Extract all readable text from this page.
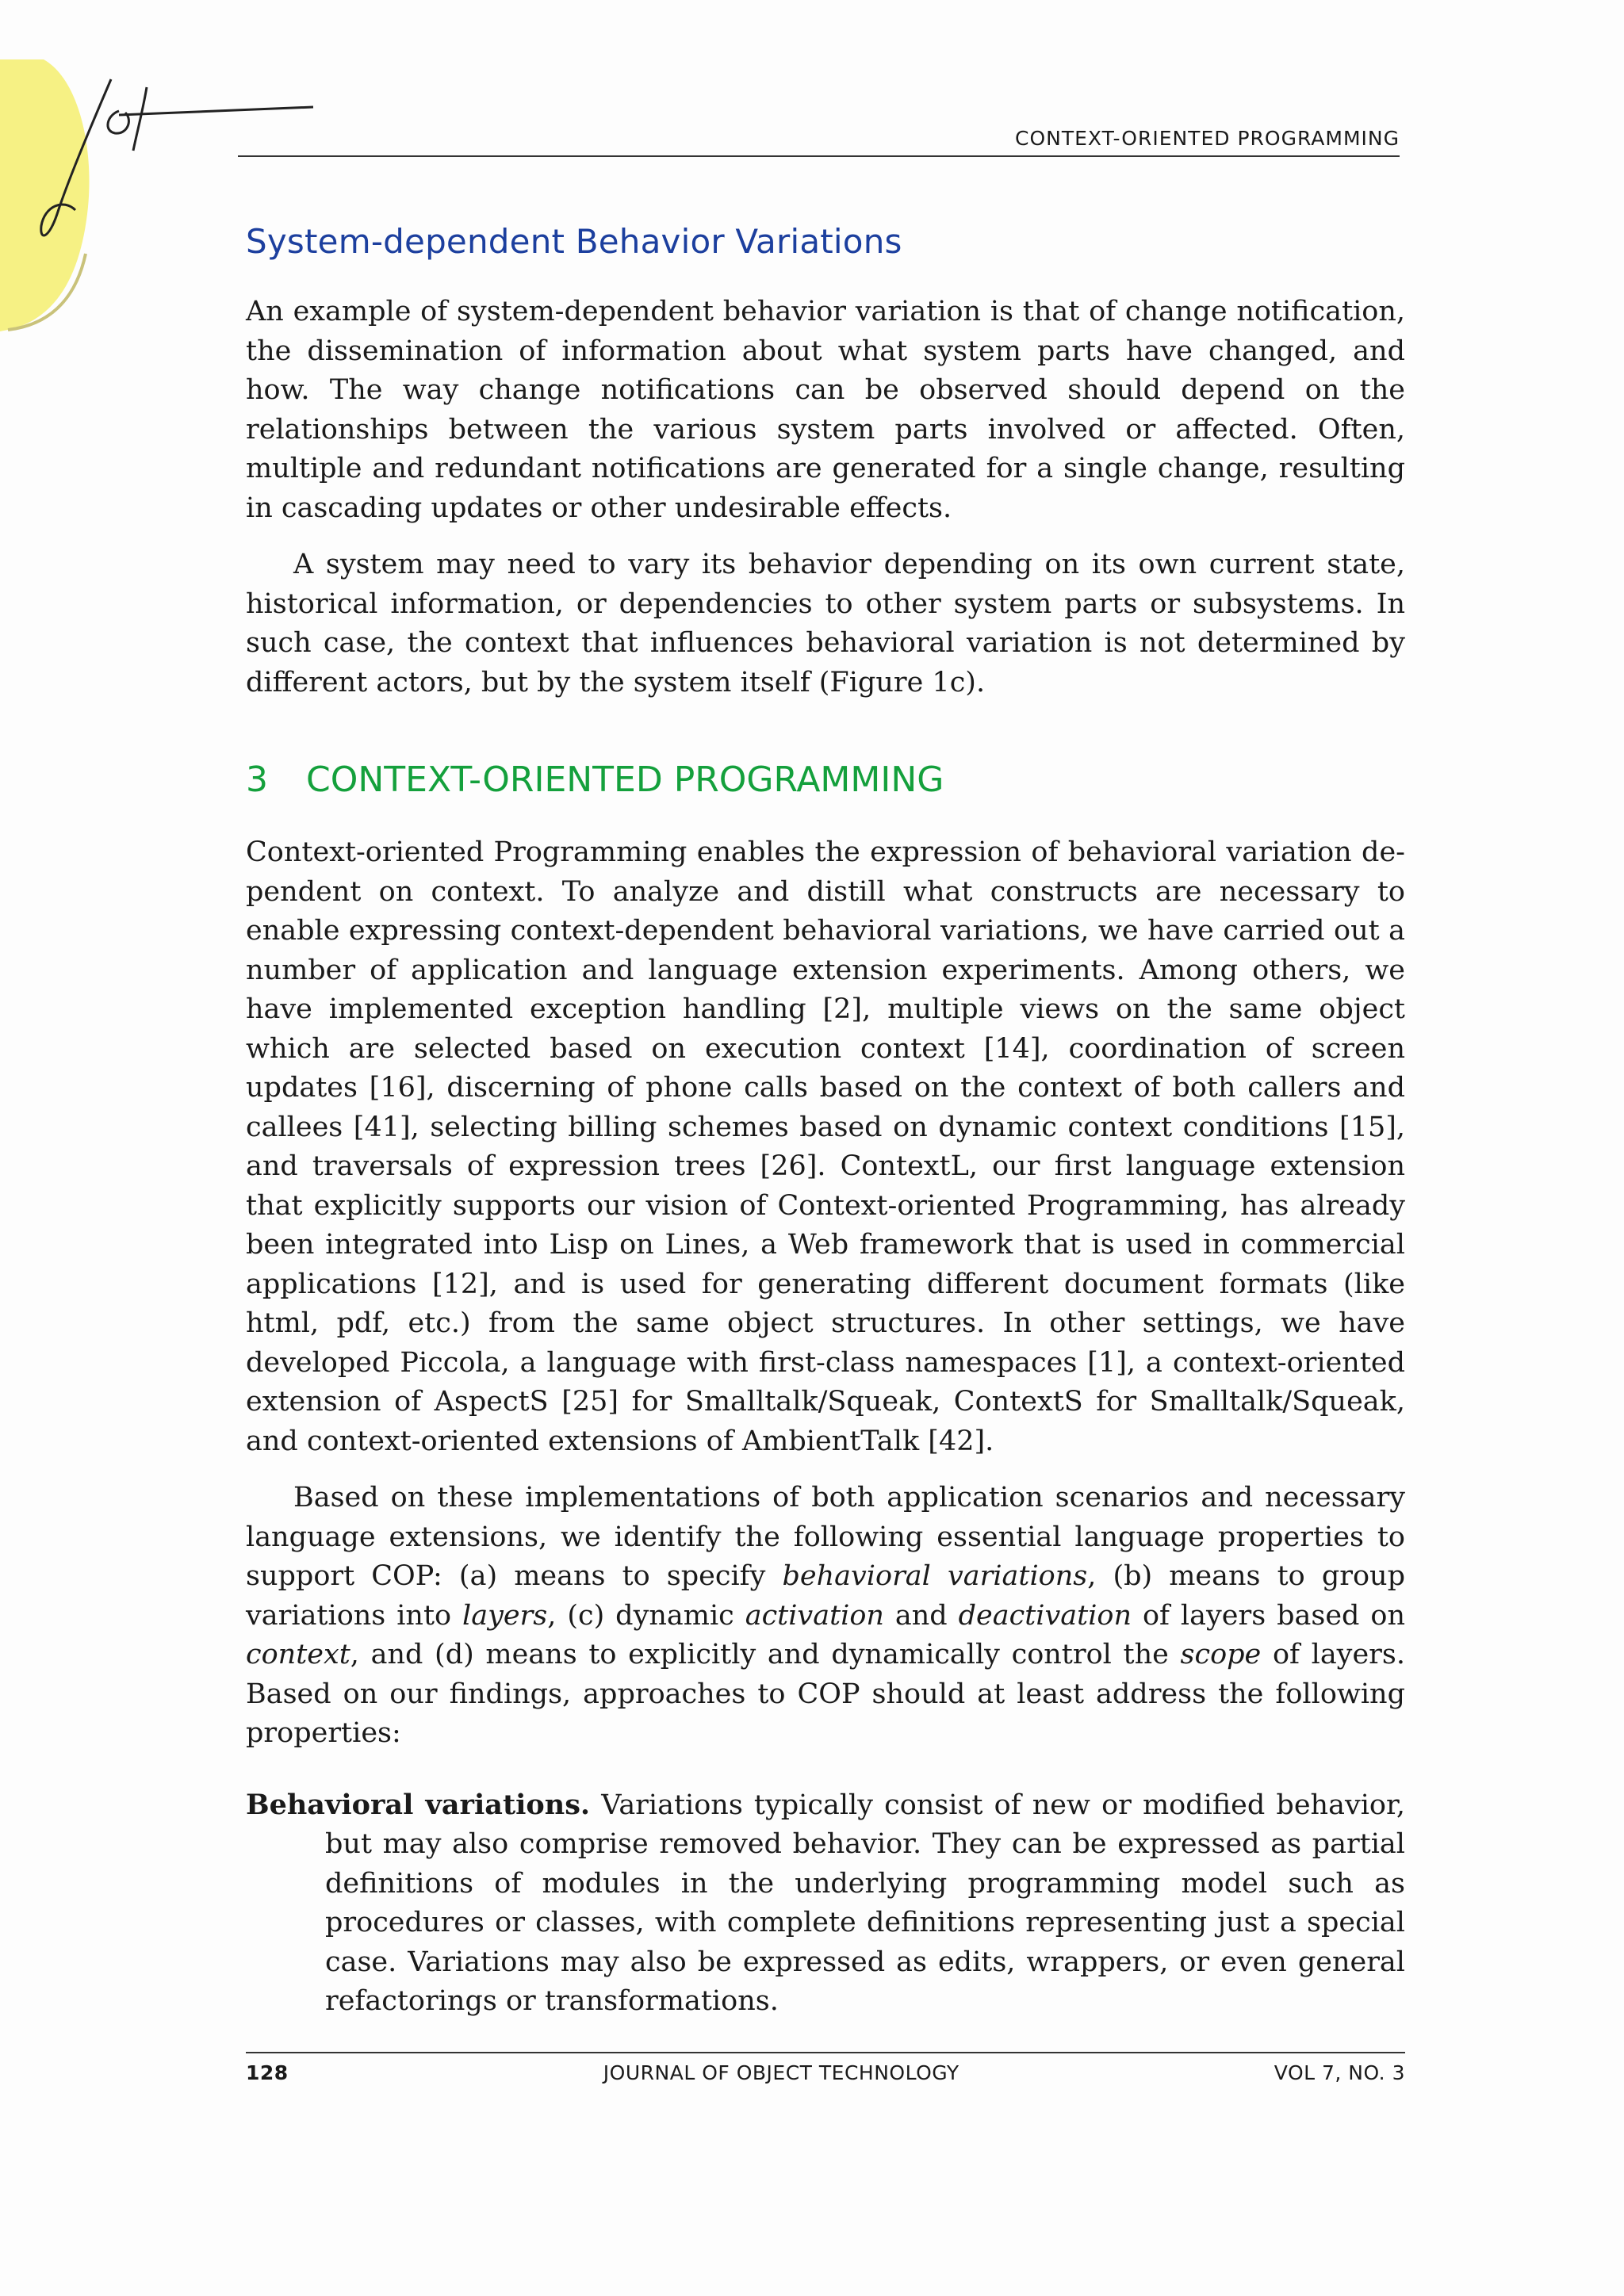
CONTEXT-ORIENTED PROGRAMMING
System-dependent Behavior Variations

An example of system-dependent behavior variation is that of change notification, the dissemination of information about what system parts have changed, and how. The way change notifications can be observed should depend on the relationships between the various system parts involved or affected. Often, multiple and redundant notifications are generated for a single change, resulting in cascading updates or other undesirable effects.

A system may need to vary its behavior depending on its own current state, historical information, or dependencies to other system parts or subsystems. In such case, the context that influences behavioral variation is not determined by different actors, but by the system itself (Figure 1c).

3 CONTEXT-ORIENTED PROGRAMMING

Context-oriented Programming enables the expression of behavioral variation dependent on context. To analyze and distill what constructs are necessary to enable expressing context-dependent behavioral variations, we have carried out a number of application and language extension experiments. Among others, we have implemented exception handling [2], multiple views on the same object which are selected based on execution context [14], coordination of screen updates [16], discerning of phone calls based on the context of both callers and callees [41], selecting billing schemes based on dynamic context conditions [15], and traversals of expression trees [26]. ContextL, our first language extension that explicitly supports our vision of Context-oriented Programming, has already been integrated into Lisp on Lines, a Web framework that is used in commercial applications [12], and is used for generating different document formats (like html, pdf, etc.) from the same object structures. In other settings, we have developed Piccola, a language with first-class namespaces [1], a context-oriented extension of AspectS [25] for Smalltalk/Squeak, ContextS for Smalltalk/Squeak, and context-oriented extensions of AmbientTalk [42].

Based on these implementations of both application scenarios and necessary language extensions, we identify the following essential language properties to support COP: (a) means to specify behavioral variations, (b) means to group variations into layers, (c) dynamic activation and deactivation of layers based on context, and (d) means to explicitly and dynamically control the scope of layers. Based on our findings, approaches to COP should at least address the following properties:

Behavioral variations. Variations typically consist of new or modified behavior, but may also comprise removed behavior. They can be expressed as partial definitions of modules in the underlying programming model such as procedures or classes, with complete definitions representing just a special case. Variations may also be expressed as edits, wrappers, or even general refactorings or transformations.
128	JOURNAL OF OBJECT TECHNOLOGY	VOL 7, NO. 3
